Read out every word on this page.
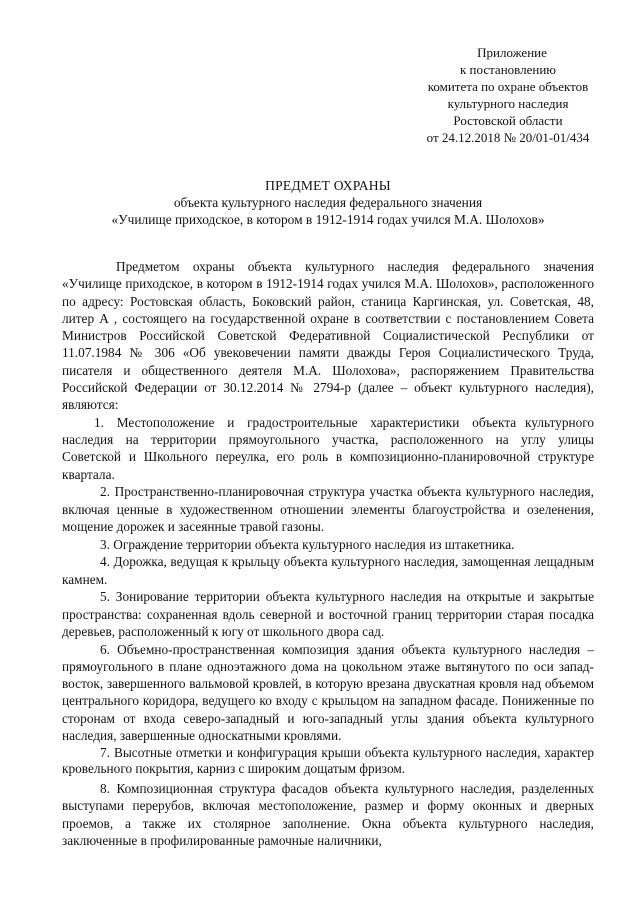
Приложение
к постановлению
комитета по охране объектов
культурного наследия
Ростовской области
от 24.12.2018 № 20/01-01/434
ПРЕДМЕТ ОХРАНЫ
объекта культурного наследия федерального значения
«Училище приходское, в котором в 1912-1914 годах учился М.А. Шолохов»

Предметом охраны объекта культурного наследия федерального значения «Училище приходское, в котором в 1912-1914 годах учился М.А. Шолохов», расположенного по адресу: Ростовская область, Боковский район, станица Каргинская, ул. Советская, 48, литер А , состоящего на государственной охране в соответствии с постановлением Совета Министров Российской Советской Федеративной Социалистической Республики от 11.07.1984 № 306 «Об увековечении памяти дважды Героя Социалистического Труда, писателя и общественного деятеля М.А. Шолохова», распоряжением Правительства Российской Федерации от 30.12.2014 № 2794-р (далее – объект культурного наследия), являются:

1. Местоположение и градостроительные характеристики объекта культурного наследия на территории прямоугольного участка, расположенного на углу улицы Советской и Школьного переулка, его роль в композиционно-планировочной структуре квартала.

2. Пространственно-планировочная структура участка объекта культурного наследия, включая ценные в художественном отношении элементы благоустройства и озеленения, мощение дорожек и засеянные травой газоны.

3. Ограждение территории объекта культурного наследия из штакетника.

4. Дорожка, ведущая к крыльцу объекта культурного наследия, замощенная лещадным камнем.

5. Зонирование территории объекта культурного наследия на открытые и закрытые пространства: сохраненная вдоль северной и восточной границ территории старая посадка деревьев, расположенный к югу от школьного двора сад.

6. Объемно-пространственная композиция здания объекта культурного наследия – прямоугольного в плане одноэтажного дома на цокольном этаже вытянутого по оси запад-восток, завершенного вальмовой кровлей, в которую врезана двускатная кровля над объемом центрального коридора, ведущего ко входу с крыльцом на западном фасаде. Пониженные по сторонам от входа северо-западный и юго-западный углы здания объекта культурного наследия, завершенные односкатными кровлями.

7. Высотные отметки и конфигурация крыши объекта культурного наследия, характер кровельного покрытия, карниз с широким дощатым фризом.

8. Композиционная структура фасадов объекта культурного наследия, разделенных выступами перерубов, включая местоположение, размер и форму оконных и дверных проемов, а также их столярное заполнение. Окна объекта культурного наследия, заключенные в профилированные рамочные наличники,
